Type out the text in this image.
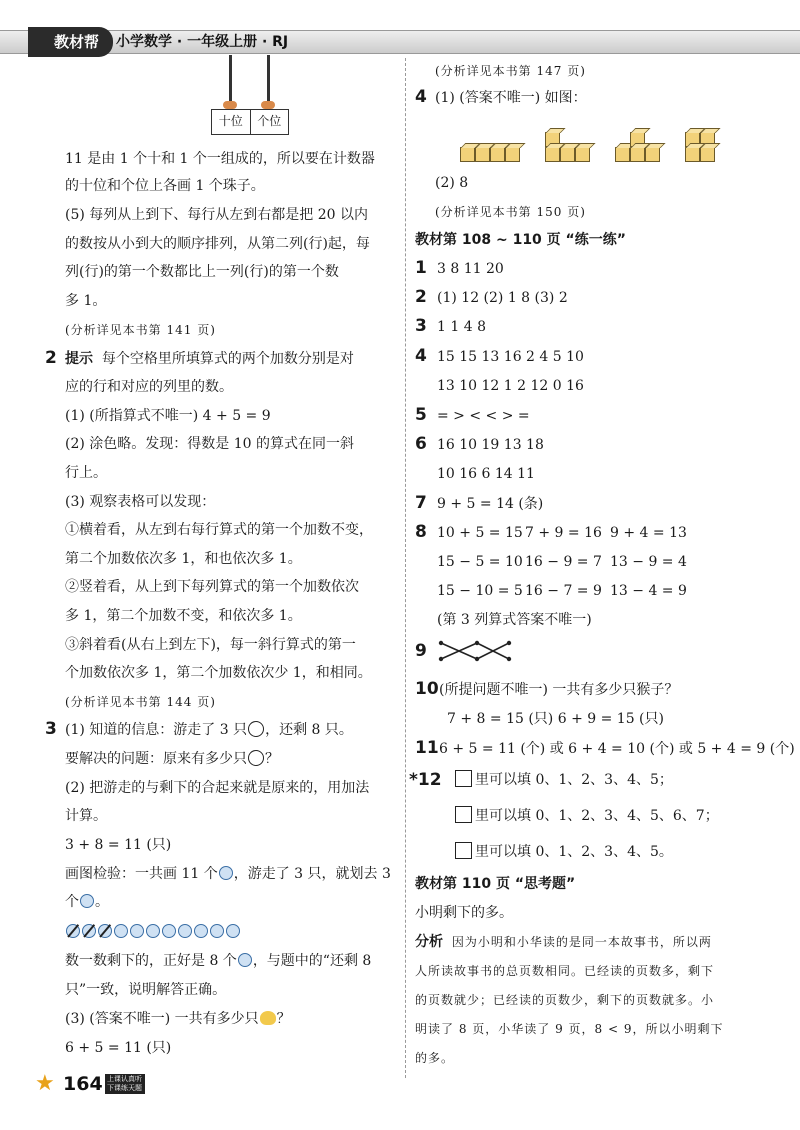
教材帮	小学数学 · 一年级上册 · RJ
十位	个位
11 是由 1 个十和 1 个一组成的，所以要在计数器
的十位和个位上各画 1 个珠子。
(5) 每列从上到下、每行从左到右都是把 20 以内
的数按从小到大的顺序排列，从第二列(行)起，每
列(行)的第一个数都比上一列(行)的第一个数
多 1。
(分析详见本书第 141 页)
2 提示 每个空格里所填算式的两个加数分别是对
应的行和对应的列里的数。
(1) (所指算式不唯一) 4 + 5 = 9
(2) 涂色略。发现：得数是 10 的算式在同一斜
行上。
(3) 观察表格可以发现：
①横着看，从左到右每行算式的第一个加数不变，
第二个加数依次多 1，和也依次多 1。
②竖着看，从上到下每列算式的第一个加数依次
多 1，第二个加数不变，和依次多 1。
③斜着看(从右上到左下)，每一斜行算式的第一
个加数依次多 1，第二个加数依次少 1，和相同。
(分析详见本书第 144 页)
3 (1) 知道的信息：游走了 3 只 ，还剩 8 只。
要解决的问题：原来有多少只 ？
(2) 把游走的与剩下的合起来就是原来的，用加法
计算。
3 + 8 = 11 (只)
画图检验：一共画 11 个 ，游走了 3 只，就划去 3
个 。
数一数剩下的，正好是 8 个 ，与题中的“还剩 8
只”一致，说明解答正确。
(3) (答案不唯一) 一共有多少只 ？
6 + 5 = 11 (只)
(分析详见本书第 147 页)
4 (1) (答案不唯一) 如图：
(2) 8
(分析详见本书第 150 页)
教材第 108 ~ 110 页 “练一练”
1 3 8 11 20
2 (1) 12 (2) 1 8 (3) 2
3 1 1 4 8
4 15 15 13 16 2 4 5 10
13 10 12 1 2 12 0 16
5 = > < < > =
6 16 10 19 13 18
10 16 6 14 11
7 9 + 5 = 14 (条)
8 10 + 5 = 15 7 + 9 = 16 9 + 4 = 13
15 − 5 = 10 16 − 9 = 7 13 − 9 = 4
15 − 10 = 5 16 − 7 = 9 13 − 4 = 9
(第 3 列算式答案不唯一)
9
10 (所提问题不唯一) 一共有多少只猴子？
7 + 8 = 15 (只) 6 + 9 = 15 (只)
11 6 + 5 = 11 (个) 或 6 + 4 = 10 (个) 或 5 + 4 = 9 (个)
*12	里可以填 0、1、2、3、4、5；
里可以填 0、1、2、3、4、5、6、7；
里可以填 0、1、2、3、4、5。
教材第 110 页 “思考题”
小明剩下的多。
分析 因为小明和小华读的是同一本故事书，所以两
人所读故事书的总页数相同。已经读的页数多，剩下
的页数就少；已经读的页数少，剩下的页数就多。小
明读了 8 页，小华读了 9 页，8 < 9，所以小明剩下
的多。
★ 164 上课认真听 下课练天题
